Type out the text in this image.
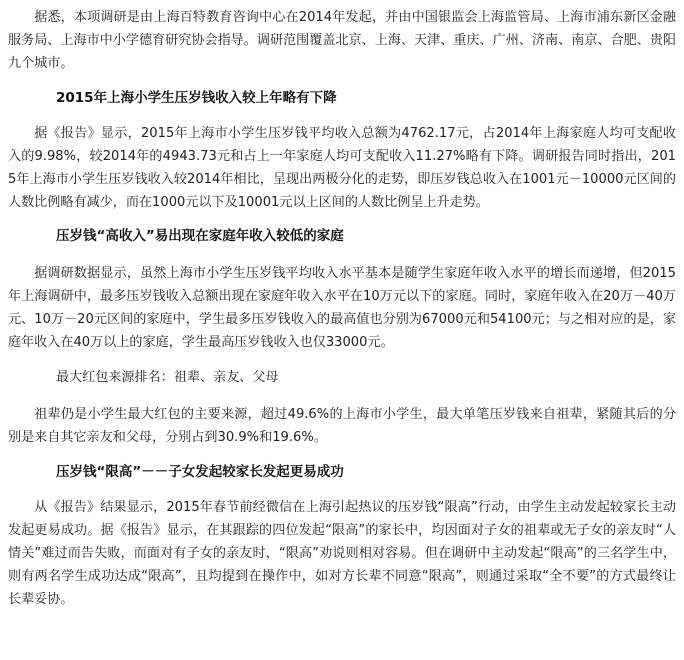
据悉，本项调研是由上海百特教育咨询中心在2014年发起，并由中国银监会上海监管局、上海市浦东新区金融服务局、上海市中小学德育研究协会指导。调研范围覆盖北京、上海、天津、重庆、广州、济南、南京、合肥、贵阳九个城市。

2015年上海小学生压岁钱收入较上年略有下降

据《报告》显示，2015年上海市小学生压岁钱平均收入总额为4762.17元，占2014年上海家庭人均可支配收入的9.98%，较2014年的4943.73元和占上一年家庭人均可支配收入11.27%略有下降。调研报告同时指出，2015年上海市小学生压岁钱收入较2014年相比，呈现出两极分化的走势，即压岁钱总收入在1001元－10000元区间的人数比例略有减少，而在1000元以下及10001元以上区间的人数比例呈上升走势。

压岁钱“高收入”易出现在家庭年收入较低的家庭

据调研数据显示，虽然上海市小学生压岁钱平均收入水平基本是随学生家庭年收入水平的增长而递增，但2015年上海调研中，最多压岁钱收入总额出现在家庭年收入水平在10万元以下的家庭。同时，家庭年收入在20万－40万元、10万－20元区间的家庭中，学生最多压岁钱收入的最高值也分别为67000元和54100元；与之相对应的是，家庭年收入在40万以上的家庭，学生最高压岁钱收入也仅33000元。

最大红包来源排名：祖辈、亲友、父母

祖辈仍是小学生最大红包的主要来源，超过49.6%的上海市小学生，最大单笔压岁钱来自祖辈，紧随其后的分别是来自其它亲友和父母，分别占到30.9%和19.6%。

压岁钱“限高”－－子女发起较家长发起更易成功

从《报告》结果显示，2015年春节前经微信在上海引起热议的压岁钱“限高”行动，由学生主动发起较家长主动发起更易成功。据《报告》显示，在其跟踪的四位发起“限高”的家长中，均因面对子女的祖辈或无子女的亲友时“人情关”难过而告失败，而面对有子女的亲友时，“限高”劝说则相对容易。但在调研中主动发起“限高”的三名学生中，则有两名学生成功达成“限高”，且均提到在操作中，如对方长辈不同意“限高”，则通过采取“全不要”的方式最终让长辈妥协。
